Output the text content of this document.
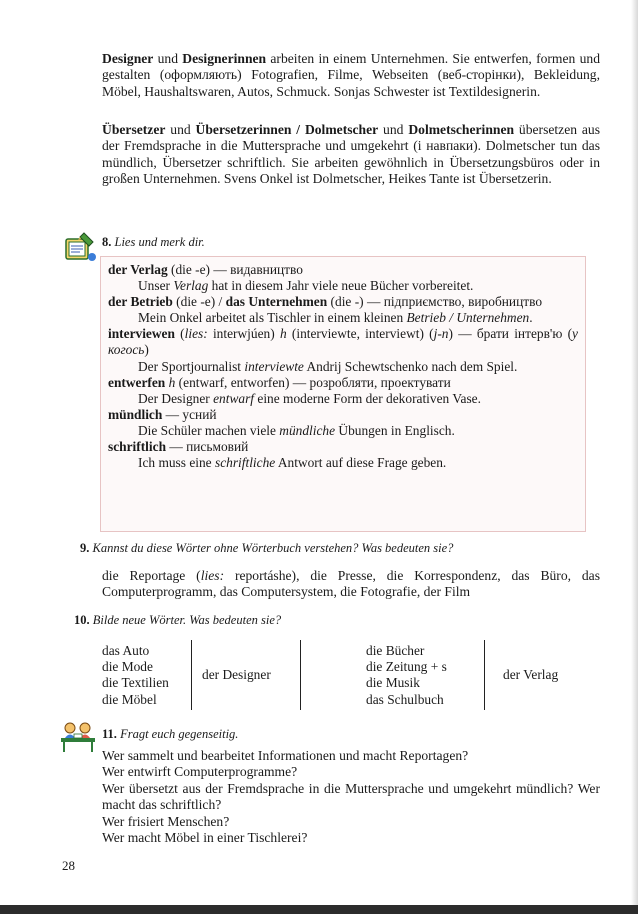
Designer und Designerinnen arbeiten in einem Unternehmen. Sie entwerfen, formen und gestalten (оформляють) Fotografien, Filme, Webseiten (веб-сторінки), Bekleidung, Möbel, Haushaltswaren, Autos, Schmuck. Sonjas Schwester ist Textildesignerin.
Übersetzer und Übersetzerinnen / Dolmetscher und Dolmetscherinnen übersetzen aus der Fremdsprache in die Muttersprache und umgekehrt (і навпаки). Dolmetscher tun das mündlich, Übersetzer schriftlich. Sie arbeiten gewöhnlich in Übersetzungsbüros oder in großen Unternehmen. Svens Onkel ist Dolmetscher, Heikes Tante ist Übersetzerin.
8. Lies und merk dir.
der Verlag (die -e) — видавництво
Unser Verlag hat in diesem Jahr viele neue Bücher vorbereitet.
der Betrieb (die -e) / das Unternehmen (die -) — підприємство, виробництво
Mein Onkel arbeitet als Tischler in einem kleinen Betrieb / Unternehmen.
interviewen (lies: interwjúen) h (interviewte, interviewt) (j-n) — брати інтерв'ю (у когось)
Der Sportjournalist interviewte Andrij Schewtschenko nach dem Spiel.
entwerfen h (entwarf, entworfen) — розробляти, проектувати
Der Designer entwarf eine moderne Form der dekorativen Vase.
mündlich — усний
Die Schüler machen viele mündliche Übungen in Englisch.
schriftlich — письмовий
Ich muss eine schriftliche Antwort auf diese Frage geben.
9. Kannst du diese Wörter ohne Wörterbuch verstehen? Was bedeuten sie?
die Reportage (lies: reportáshe), die Presse, die Korrespondenz, das Büro, das Computerprogramm, das Computersystem, die Fotografie, der Film
10. Bilde neue Wörter. Was bedeuten sie?
das Auto
die Mode
die Textilien
die Möbel
der Designer
die Bücher
die Zeitung + s
die Musik
das Schulbuch
der Verlag
11. Fragt euch gegenseitig.
Wer sammelt und bearbeitet Informationen und macht Reportagen?
Wer entwirft Computerprogramme?
Wer übersetzt aus der Fremdsprache in die Muttersprache und umgekehrt mündlich? Wer macht das schriftlich?
Wer frisiert Menschen?
Wer macht Möbel in einer Tischlerei?
28
